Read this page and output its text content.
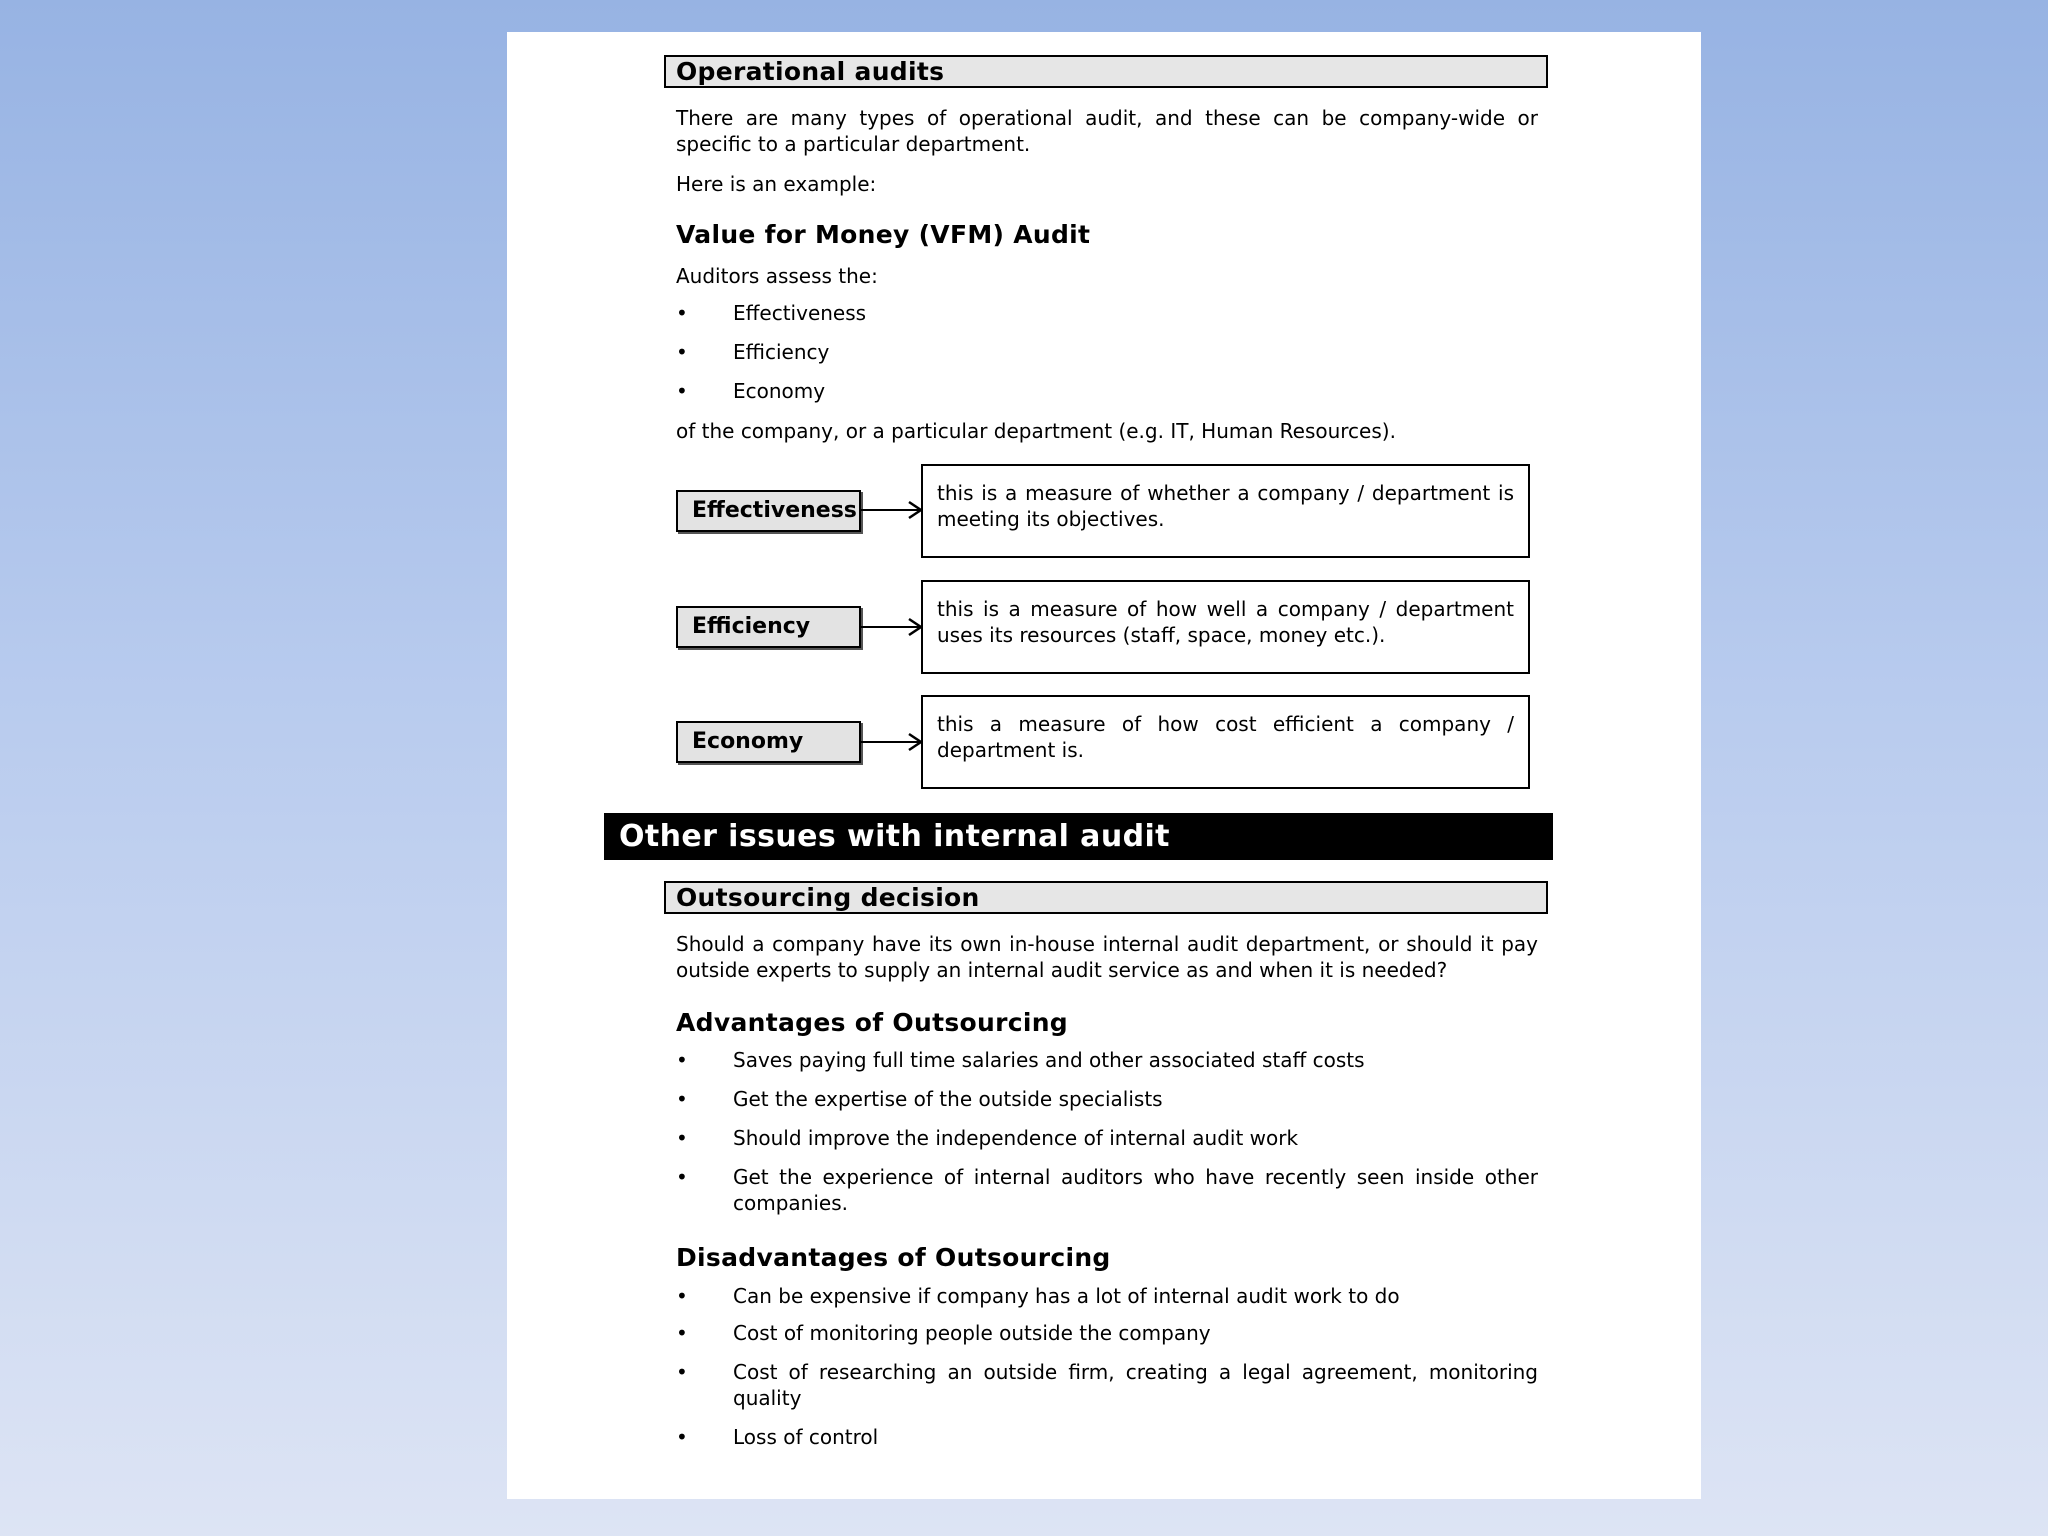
Operational audits

There are many types of operational audit, and these can be company-wide or specific to a particular department.

Here is an example:

Value for Money (VFM) Audit

Auditors assess the:

•	Effectiveness
•	Efficiency
•	Economy

of the company, or a particular department (e.g. IT, Human Resources).

Effectiveness
this is a measure of whether a company / department is meeting its objectives.
Efficiency
this is a measure of how well a company / department uses its resources (staff, space, money etc.).
Economy
this a measure of how cost efficient a company / department is.
Other issues with internal audit
Outsourcing decision

Should a company have its own in-house internal audit department, or should it pay outside experts to supply an internal audit service as and when it is needed?

Advantages of Outsourcing
•	Saves paying full time salaries and other associated staff costs
•	Get the expertise of the outside specialists
•	Should improve the independence of internal audit work
•	Get the experience of internal auditors who have recently seen inside other companies.
Disadvantages of Outsourcing
•	Can be expensive if company has a lot of internal audit work to do
•	Cost of monitoring people outside the company
•	Cost of researching an outside firm, creating a legal agreement, monitoring quality
•	Loss of control
